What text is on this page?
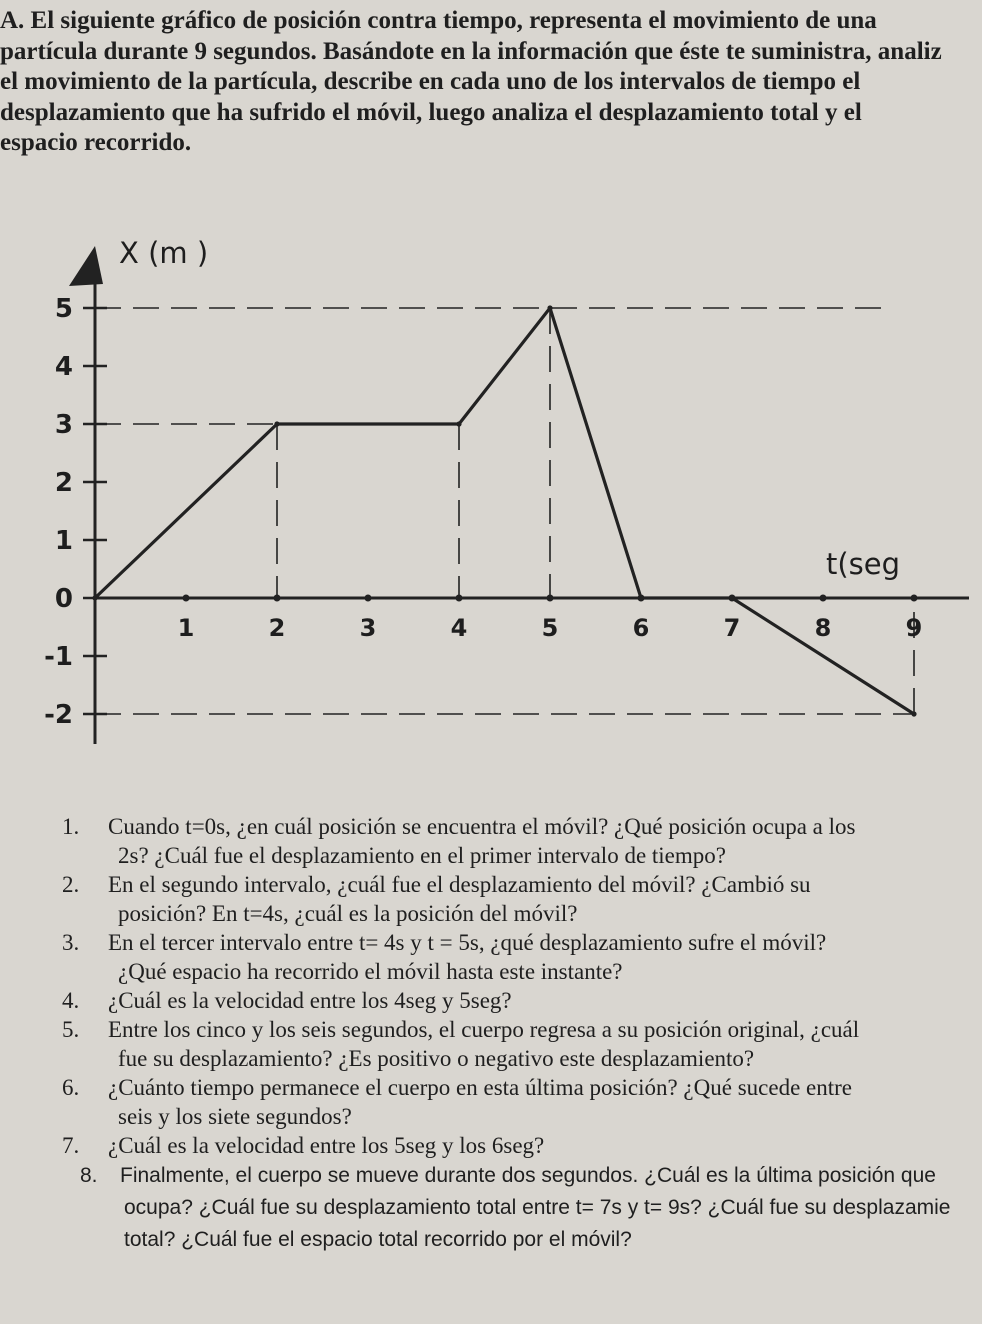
A. El siguiente gráfico de posición contra tiempo, representa el movimiento de una
partícula durante 9 segundos. Basándote en la información que éste te suministra, analiz
el movimiento de la partícula, describe en cada uno de los intervalos de tiempo el
desplazamiento que ha sufrido el móvil, luego analiza el desplazamiento total y el
espacio recorrido.
5
4
3
2
1
0
-1
-2
1	2	3	4	5	6	7	8	9
X (m )
t(seg
1.	Cuando t=0s, ¿en cuál posición se encuentra el móvil? ¿Qué posición ocupa a los
2s? ¿Cuál fue el desplazamiento en el primer intervalo de tiempo?
2.	En el segundo intervalo, ¿cuál fue el desplazamiento del móvil? ¿Cambió su
posición? En t=4s, ¿cuál es la posición del móvil?
3.	En el tercer intervalo entre t= 4s y t = 5s, ¿qué desplazamiento sufre el móvil?
¿Qué espacio ha recorrido el móvil hasta este instante?
4.	¿Cuál es la velocidad entre los 4seg y 5seg?
5.	Entre los cinco y los seis segundos, el cuerpo regresa a su posición original, ¿cuál
fue su desplazamiento? ¿Es positivo o negativo este desplazamiento?
6.	¿Cuánto tiempo permanece el cuerpo en esta última posición? ¿Qué sucede entre
seis y los siete segundos?
7.	¿Cuál es la velocidad entre los 5seg y los 6seg?
8.	Finalmente, el cuerpo se mueve durante dos segundos. ¿Cuál es la última posición que
ocupa? ¿Cuál fue su desplazamiento total entre t= 7s y t= 9s? ¿Cuál fue su desplazamie
total? ¿Cuál fue el espacio total recorrido por el móvil?
